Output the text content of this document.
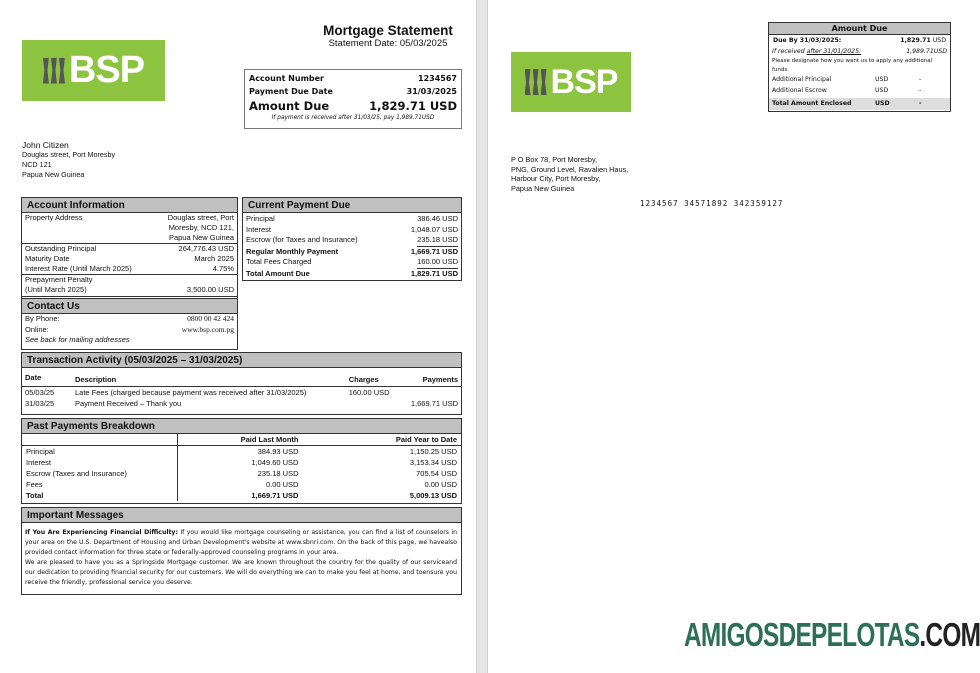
Mortgage Statement
Statement Date: 05/03/2025
BSP	Account Number	1234567
Payment Due Date	31/03/2025
Amount Due	1,829.71 USD
If payment is received after 31/03/25, pay 1,989.71USD
John Citizen
Douglas street, Port Moresby
NCD 121
Papua New Guinea
Account Information
Property Address	Douglas street, Port
Moresby, NCD 121,
Papua New Guinea
Outstanding Principal	264,776.43 USD
Maturity Date	March 2025
Interest Rate (Until March 2025)	4.75%
Prepayment Penalty
(Until March 2025)	3,500.00 USD
Contact Us
By Phone:	0800 00 42 424
Online:	www.bsp.com.pg
See back for mailing addresses
Current Payment Due
Principal	386.46 USD
Interest	1,048.07 USD
Escrow (for Taxes and Insurance)	235.18 USD
Regular Monthly Payment	1,669.71 USD
Total Fees Charged	160.00 USD
Total Amount Due	1,829.71 USD
Transaction Activity (05/03/2025 – 31/03/2025)
Date	Description	Charges	Payments
05/03/25	Late Fees (charged because payment was received after 31/03/2025)	160.00 USD	
31/03/25	Payment Received – Thank you		1,669.71 USD
Past Payments Breakdown
	Paid Last Month	Paid Year to Date
Principal	384.93 USD	1,150.25 USD
Interest	1,049.60 USD	3,153.34 USD
Escrow (Taxes and Insurance)	235.18 USD	705.54 USD
Fees	0.00 USD	0.00 USD
Total	1,669.71 USD	5,009.13 USD
Important Messages

If You Are Experiencing Financial Difficulty: If you would like mortgage counseling or assistance, you can find a list of counselors in your area on the U.S. Department of Housing and Urban Development's website at www.sbnri.com. On the back of this page, we havealso provided contact information for three state or federally-approved counseling programs in your area.

We are pleased to have you as a Springside Mortgage customer. We are known throughout the country for the quality of our serviceand our dedication to providing financial security for our customers. We will do everything we can to make you feel at home, and toensure you receive the friendly, professional service you deserve.

BSP
Amount Due
Due By 31/03/2025:	1,829.71 USD
If received after 31/01/2025:	1,989.71USD
Please designate how you want us to apply any additional funds.
Additional Principal	USD	-
Additional Escrow	USD	-
Total Amount Enclosed	USD	-
P O Box 78, Port Moresby,
PNG, Ground Level, Ravalien Haus,
Harbour City, Port Moresby,
Papua New Guinea
1234567 34571892 342359127
AMIGOSDEPELOTAS.COM
